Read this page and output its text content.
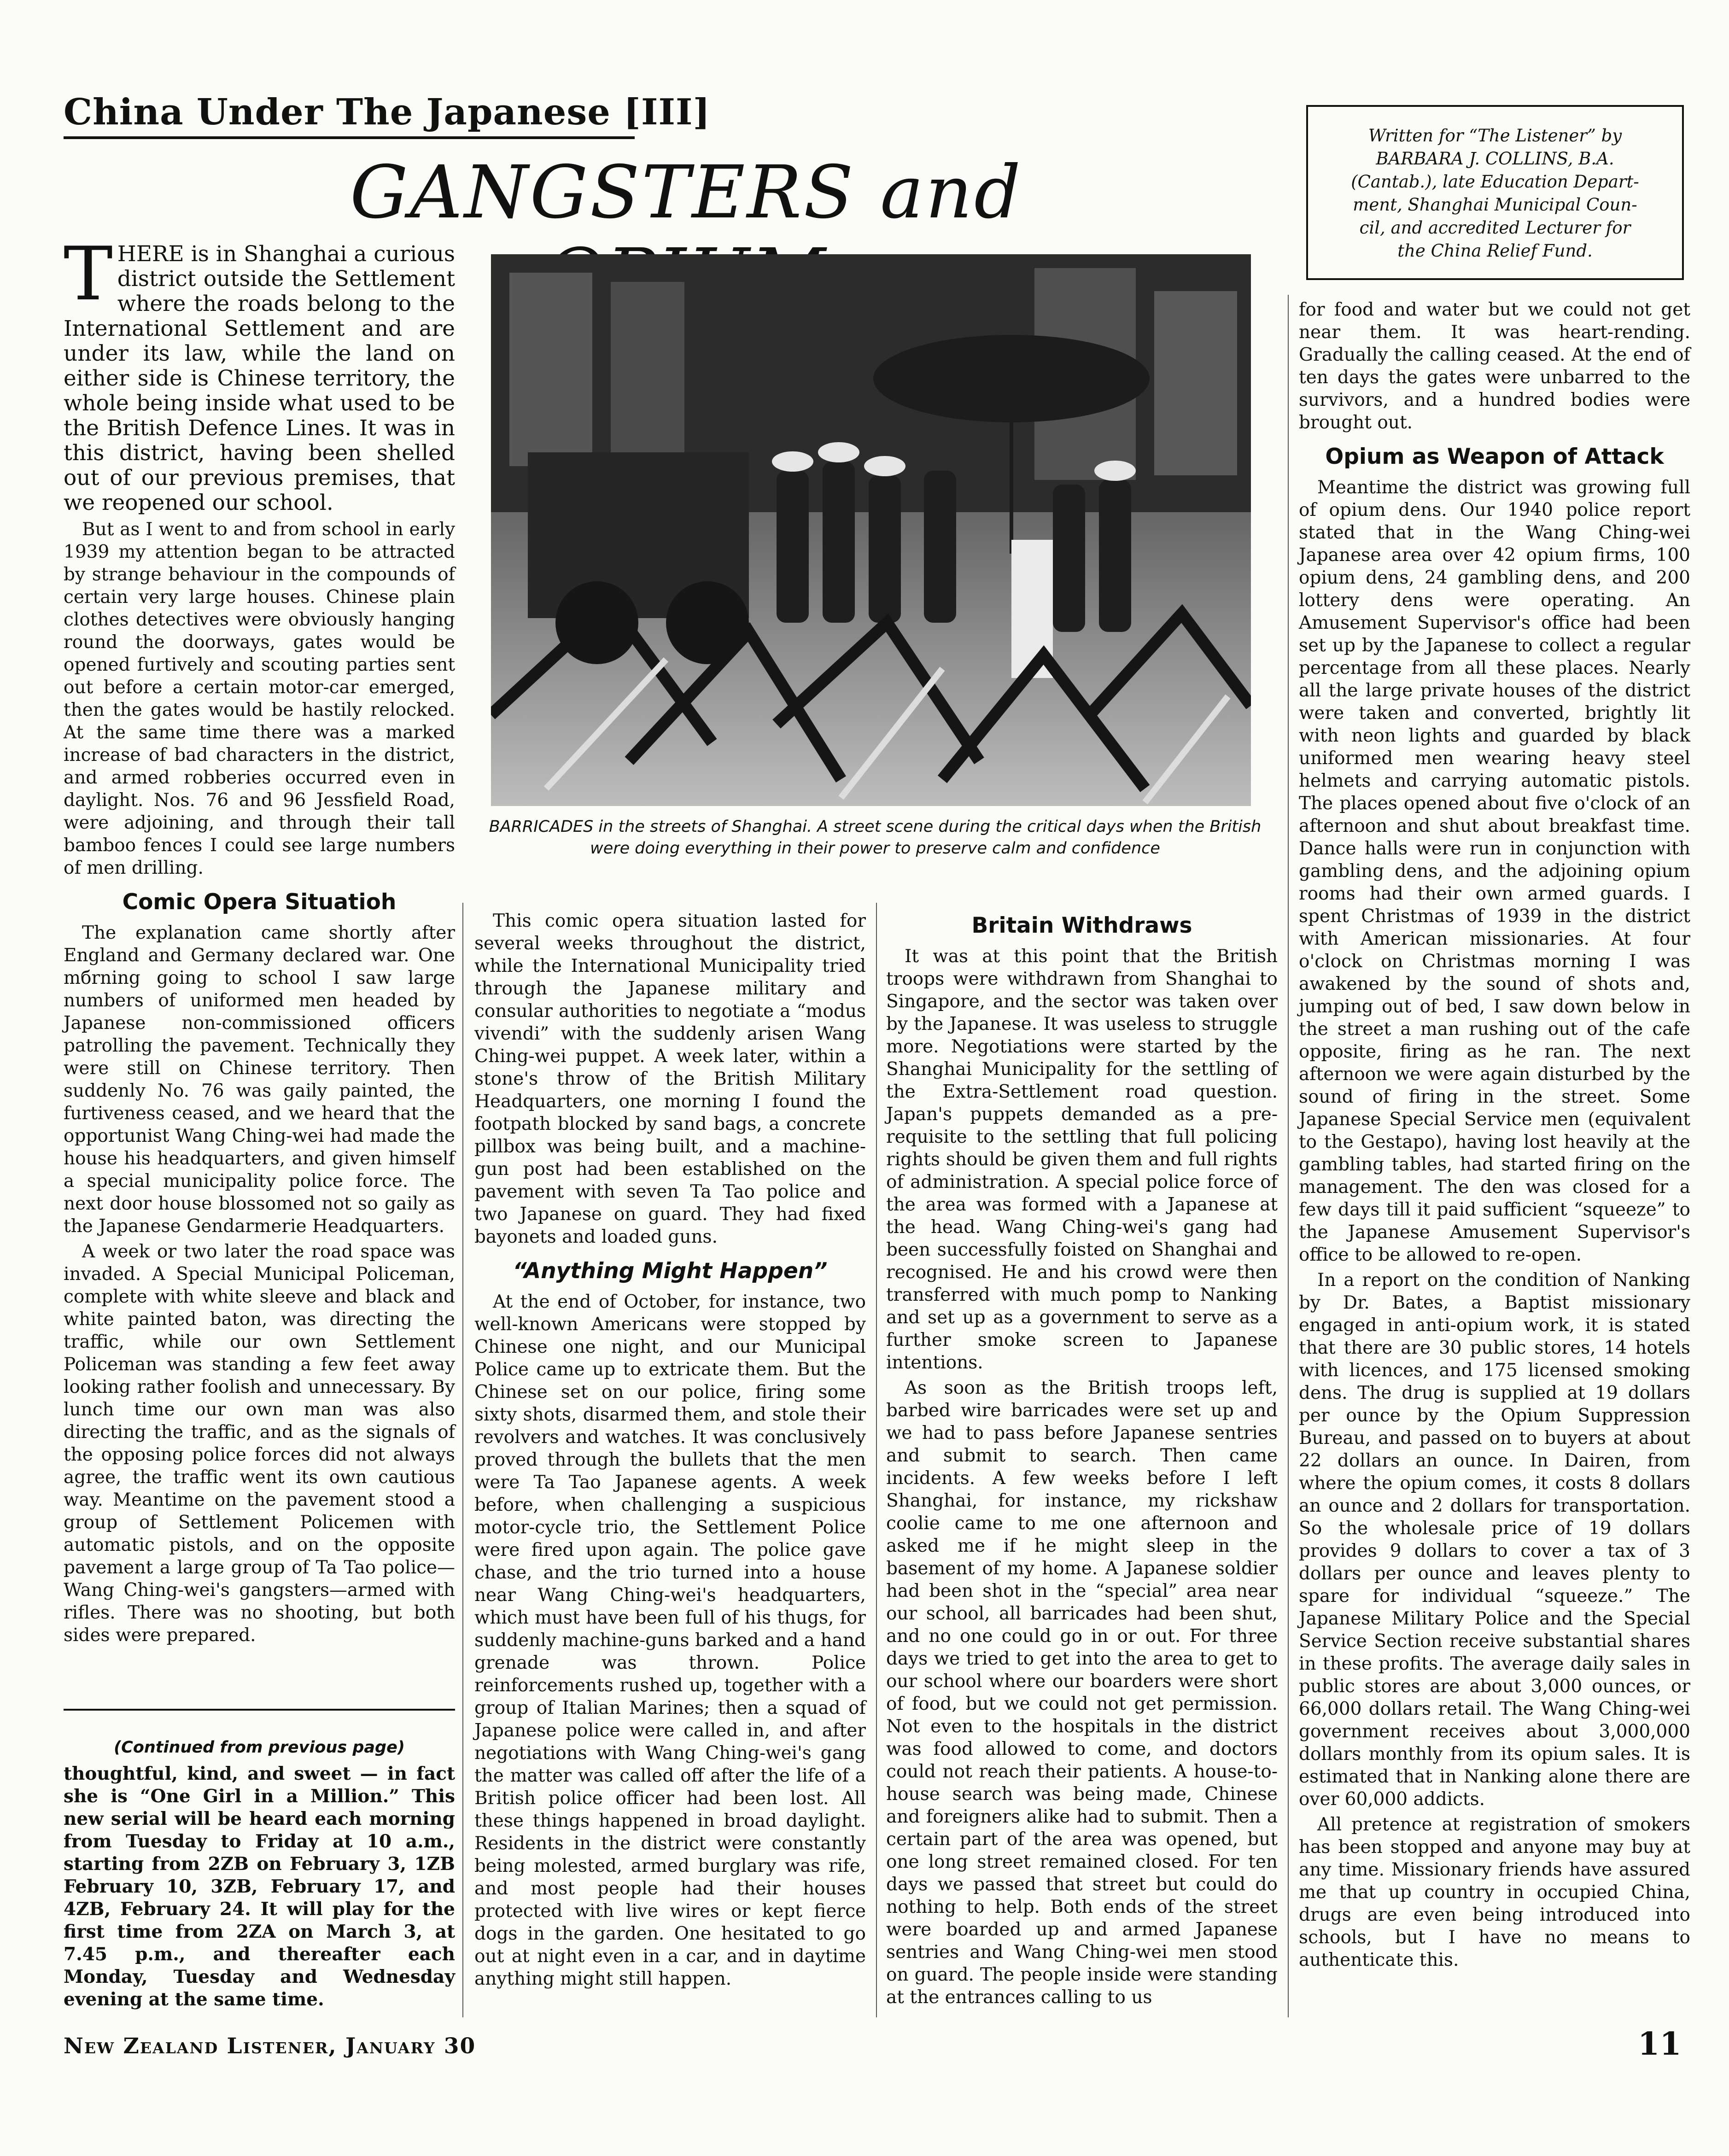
China Under The Japanese [III]
GANGSTERS and
Written for “The Listener” by
BARBARA J. COLLINS, B.A.
(Cantab.), late Education Depart-
ment, Shanghai Municipal Coun-
cil, and accredited Lecturer for
the China Relief Fund.
BARRICADES in the streets of Shanghai. A street scene during the critical days when the British were doing everything in their power to preserve calm and confidence

THERE is in Shanghai a curious district outside the Settlement where the roads belong to the International Settlement and are under its law, while the land on either side is Chinese territory, the whole being inside what used to be the British Defence Lines. It was in this district, having been shelled out of our previous premises, that we reopened our school.

But as I went to and from school in early 1939 my attention began to be attracted by strange behaviour in the compounds of certain very large houses. Chinese plain clothes detectives were obviously hanging round the doorways, gates would be opened furtively and scouting parties sent out before a certain motor-car emerged, then the gates would be hastily relocked. At the same time there was a marked increase of bad characters in the district, and armed robberies occurred even in daylight. Nos. 76 and 96 Jessfield Road, were adjoining, and through their tall bamboo fences I could see large numbers of men drilling.

Comic Opera Situatioh

The explanation came shortly after England and Germany declared war. One mбrning going to school I saw large numbers of uniformed men headed by Japanese non-commissioned officers patrolling the pavement. Technically they were still on Chinese territory. Then suddenly No. 76 was gaily painted, the furtiveness ceased, and we heard that the opportunist Wang Ching-wei had made the house his headquarters, and given himself a special municipality police force. The next door house blossomed not so gaily as the Japanese Gendarmerie Headquarters.

A week or two later the road space was invaded. A Special Municipal Policeman, complete with white sleeve and black and white painted baton, was directing the traffic, while our own Settlement Policeman was standing a few feet away looking rather foolish and unnecessary. By lunch time our own man was also directing the traffic, and as the signals of the opposing police forces did not always agree, the traffic went its own cautious way. Meantime on the pavement stood a group of Settlement Policemen with automatic pistols, and on the opposite pavement a large group of Ta Tao police—Wang Ching-wei's gangsters—armed with rifles. There was no shooting, but both sides were prepared.

(Continued from previous page)

thoughtful, kind, and sweet — in fact she is “One Girl in a Million.” This new serial will be heard each morning from Tuesday to Friday at 10 a.m., starting from 2ZB on February 3, 1ZB February 10, 3ZB, February 17, and 4ZB, February 24. It will play for the first time from 2ZA on March 3, at 7.45 p.m., and thereafter each Monday, Tuesday and Wednesday evening at the same time.

This comic opera situation lasted for several weeks throughout the district, while the International Municipality tried through the Japanese military and consular authorities to negotiate a “modus vivendi” with the suddenly arisen Wang Ching-wei puppet. A week later, within a stone's throw of the British Military Headquarters, one morning I found the footpath blocked by sand bags, a concrete pillbox was being built, and a machine-gun post had been established on the pavement with seven Ta Tao police and two Japanese on guard. They had fixed bayonets and loaded guns.

“Anything Might Happen”

At the end of October, for instance, two well-known Americans were stopped by Chinese one night, and our Municipal Police came up to extricate them. But the Chinese set on our police, firing some sixty shots, disarmed them, and stole their revolvers and watches. It was conclusively proved through the bullets that the men were Ta Tao Japanese agents. A week before, when challenging a suspicious motor-cycle trio, the Settlement Police were fired upon again. The police gave chase, and the trio turned into a house near Wang Ching-wei's headquarters, which must have been full of his thugs, for suddenly machine-guns barked and a hand grenade was thrown. Police reinforcements rushed up, together with a group of Italian Marines; then a squad of Japanese police were called in, and after negotiations with Wang Ching-wei's gang the matter was called off after the life of a British police officer had been lost. All these things happened in broad daylight. Residents in the district were constantly being molested, armed burglary was rife, and most people had their houses protected with live wires or kept fierce dogs in the garden. One hesitated to go out at night even in a car, and in daytime anything might still happen.

Britain Withdraws

It was at this point that the British troops were withdrawn from Shanghai to Singapore, and the sector was taken over by the Japanese. It was useless to struggle more. Negotiations were started by the Shanghai Municipality for the settling of the Extra-Settlement road question. Japan's puppets demanded as a pre-requisite to the settling that full policing rights should be given them and full rights of administration. A special police force of the area was formed with a Japanese at the head. Wang Ching-wei's gang had been successfully foisted on Shanghai and recognised. He and his crowd were then transferred with much pomp to Nanking and set up as a government to serve as a further smoke screen to Japanese intentions.

As soon as the British troops left, barbed wire barricades were set up and we had to pass before Japanese sentries and submit to search. Then came incidents. A few weeks before I left Shanghai, for instance, my rickshaw coolie came to me one afternoon and asked me if he might sleep in the basement of my home. A Japanese soldier had been shot in the “special” area near our school, all barricades had been shut, and no one could go in or out. For three days we tried to get into the area to get to our school where our boarders were short of food, but we could not get permission. Not even to the hospitals in the district was food allowed to come, and doctors could not reach their patients. A house-to-house search was being made, Chinese and foreigners alike had to submit. Then a certain part of the area was opened, but one long street remained closed. For ten days we passed that street but could do nothing to help. Both ends of the street were boarded up and armed Japanese sentries and Wang Ching-wei men stood on guard. The people inside were standing at the entrances calling to us

for food and water but we could not get near them. It was heart-rending. Gradually the calling ceased. At the end of ten days the gates were unbarred to the survivors, and a hundred bodies were brought out.

Opium as Weapon of Attack

Meantime the district was growing full of opium dens. Our 1940 police report stated that in the Wang Ching-wei Japanese area over 42 opium firms, 100 opium dens, 24 gambling dens, and 200 lottery dens were operating. An Amusement Supervisor's office had been set up by the Japanese to collect a regular percentage from all these places. Nearly all the large private houses of the district were taken and converted, brightly lit with neon lights and guarded by black uniformed men wearing heavy steel helmets and carrying automatic pistols. The places opened about five o'clock of an afternoon and shut about breakfast time. Dance halls were run in conjunction with gambling dens, and the adjoining opium rooms had their own armed guards. I spent Christmas of 1939 in the district with American missionaries. At four o'clock on Christmas morning I was awakened by the sound of shots and, jumping out of bed, I saw down below in the street a man rushing out of the cafe opposite, firing as he ran. The next afternoon we were again disturbed by the sound of firing in the street. Some Japanese Special Service men (equivalent to the Gestapo), having lost heavily at the gambling tables, had started firing on the management. The den was closed for a few days till it paid sufficient “squeeze” to the Japanese Amusement Supervisor's office to be allowed to re-open.

In a report on the condition of Nanking by Dr. Bates, a Baptist missionary engaged in anti-opium work, it is stated that there are 30 public stores, 14 hotels with licences, and 175 licensed smoking dens. The drug is supplied at 19 dollars per ounce by the Opium Suppression Bureau, and passed on to buyers at about 22 dollars an ounce. In Dairen, from where the opium comes, it costs 8 dollars an ounce and 2 dollars for transportation. So the wholesale price of 19 dollars provides 9 dollars to cover a tax of 3 dollars per ounce and leaves plenty to spare for individual “squeeze.” The Japanese Military Police and the Special Service Section receive substantial shares in these profits. The average daily sales in public stores are about 3,000 ounces, or 66,000 dollars retail. The Wang Ching-wei government receives about 3,000,000 dollars monthly from its opium sales. It is estimated that in Nanking alone there are over 60,000 addicts.

All pretence at registration of smokers has been stopped and anyone may buy at any time. Missionary friends have assured me that up country in occupied China, drugs are even being introduced into schools, but I have no means to authenticate this.

New Zealand Listener, January 30	11
